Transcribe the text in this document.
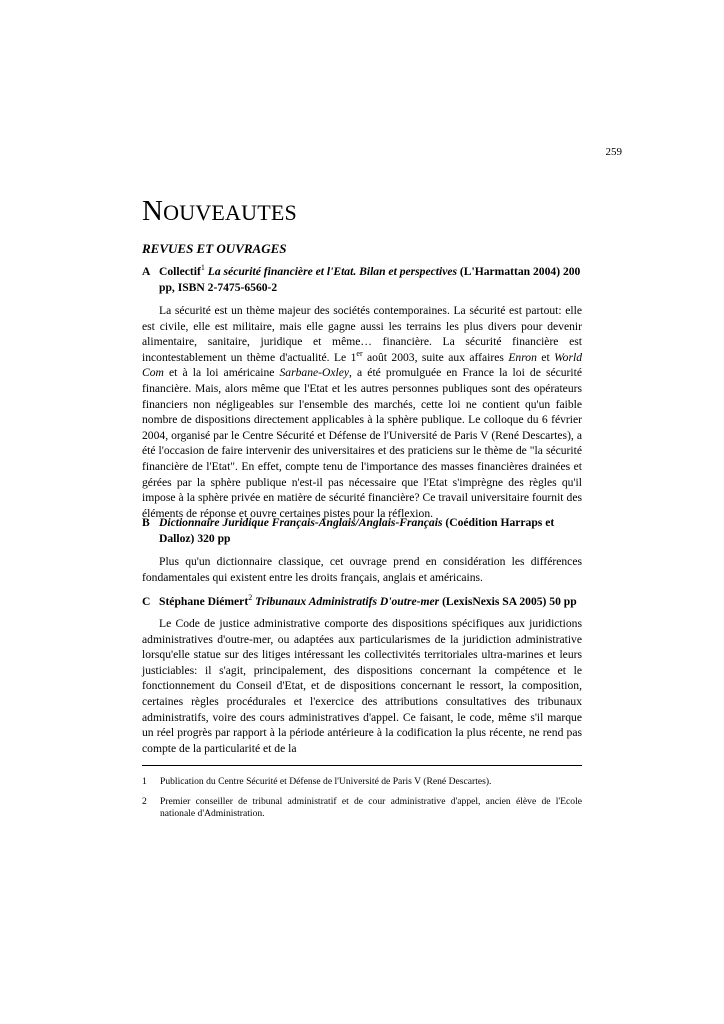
259
NOUVEAUTES
REVUES ET OUVRAGES
A Collectif$^1$ La sécurité financière et l'Etat. Bilan et perspectives (L'Harmattan 2004) 200 pp, ISBN 2-7475-6560-2

La sécurité est un thème majeur des sociétés contemporaines. La sécurité est partout: elle est civile, elle est militaire, mais elle gagne aussi les terrains les plus divers pour devenir alimentaire, sanitaire, juridique et même… financière. La sécurité financière est incontestablement un thème d'actualité. Le 1er août 2003, suite aux affaires Enron et World Com et à la loi américaine Sarbane-Oxley, a été promulguée en France la loi de sécurité financière. Mais, alors même que l'Etat et les autres personnes publiques sont des opérateurs financiers non négligeables sur l'ensemble des marchés, cette loi ne contient qu'un faible nombre de dispositions directement applicables à la sphère publique. Le colloque du 6 février 2004, organisé par le Centre Sécurité et Défense de l'Université de Paris V (René Descartes), a été l'occasion de faire intervenir des universitaires et des praticiens sur le thème de "la sécurité financière de l'Etat". En effet, compte tenu de l'importance des masses financières drainées et gérées par la sphère publique n'est-il pas nécessaire que l'Etat s'imprègne des règles qu'il impose à la sphère privée en matière de sécurité financière? Ce travail universitaire fournit des éléments de réponse et ouvre certaines pistes pour la réflexion.

B Dictionnaire Juridique Français-Anglais/Anglais-Français (Coédition Harraps et Dalloz) 320 pp

Plus qu'un dictionnaire classique, cet ouvrage prend en considération les différences fondamentales qui existent entre les droits français, anglais et américains.

C Stéphane Diémert$^2$ Tribunaux Administratifs D'outre-mer (LexisNexis SA 2005) 50 pp

Le Code de justice administrative comporte des dispositions spécifiques aux juridictions administratives d'outre-mer, ou adaptées aux particularismes de la juridiction administrative lorsqu'elle statue sur des litiges intéressant les collectivités territoriales ultra-marines et leurs justiciables: il s'agit, principalement, des dispositions concernant la compétence et le fonctionnement du Conseil d'Etat, et de dispositions concernant le ressort, la composition, certaines règles procédurales et l'exercice des attributions consultatives des tribunaux administratifs, voire des cours administratives d'appel. Ce faisant, le code, même s'il marque un réel progrès par rapport à la période antérieure à la codification la plus récente, ne rend pas compte de la particularité et de la

1 Publication du Centre Sécurité et Défense de l'Université de Paris V (René Descartes).
2 Premier conseiller de tribunal administratif et de cour administrative d'appel, ancien élève de l'Ecole nationale d'Administration.
